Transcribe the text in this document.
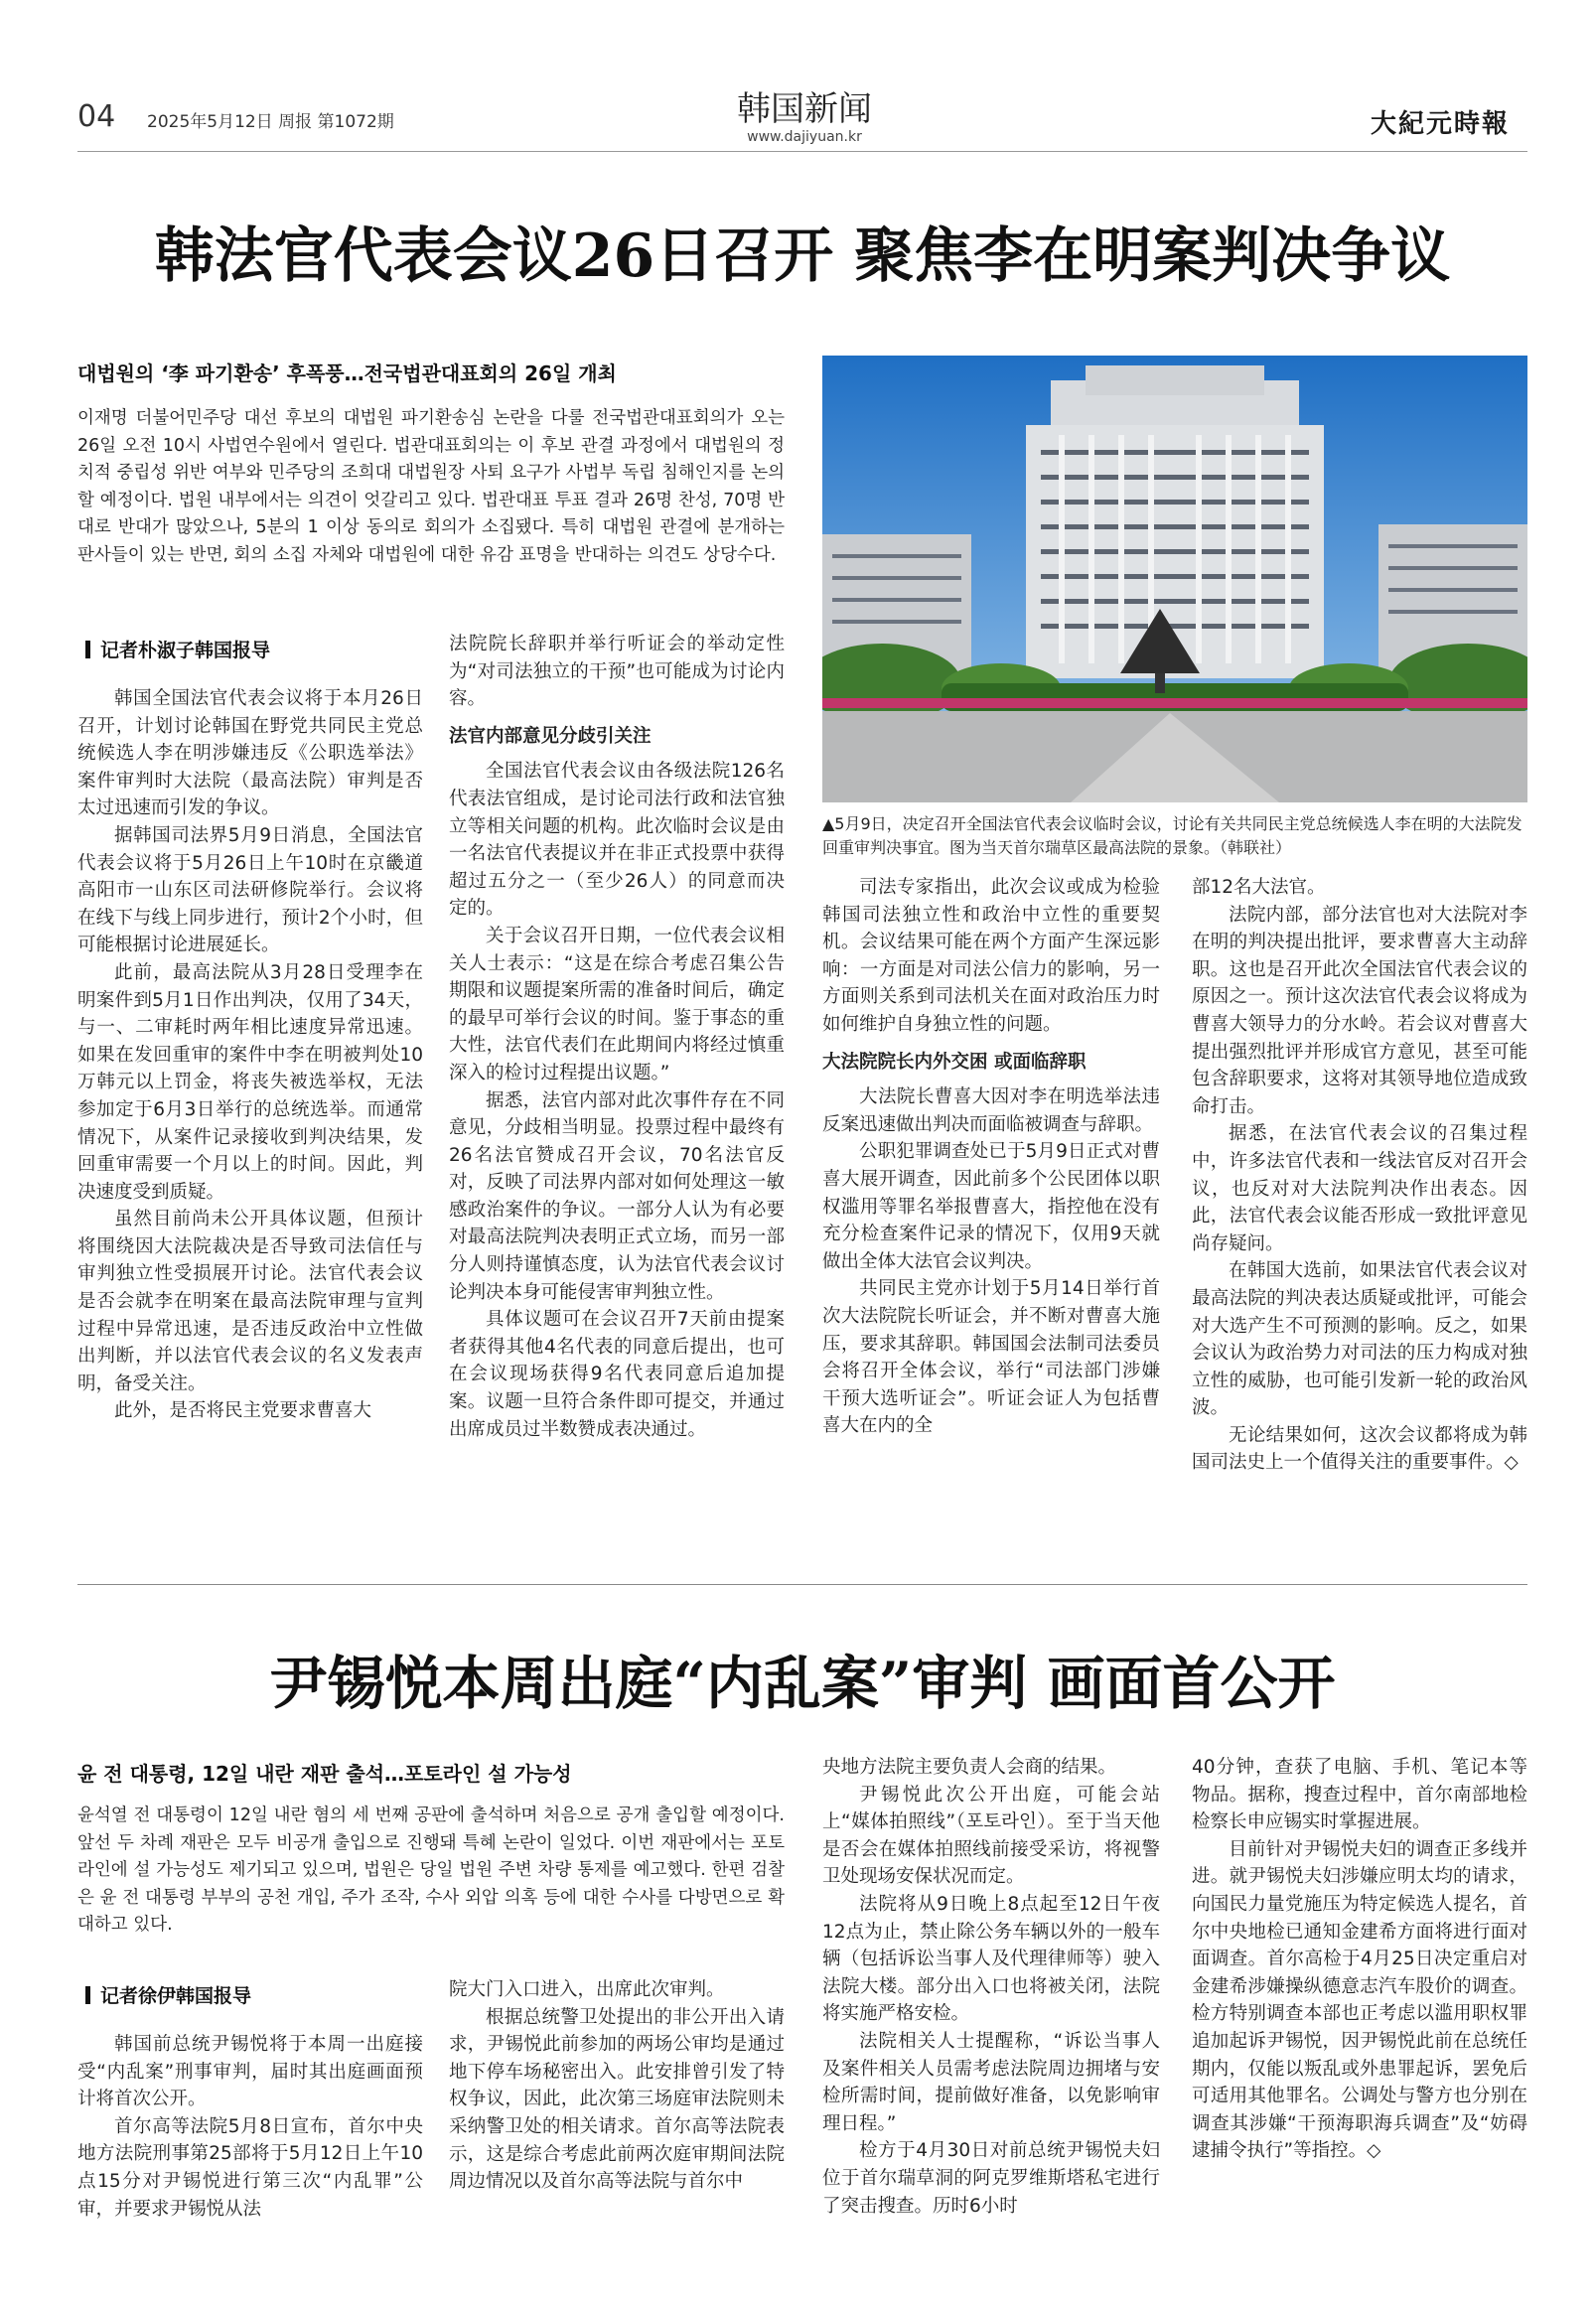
04 2025年5月12日 周报 第1072期	韩国新闻
www.dajiyuan.kr	大紀元時報
韩法官代表会议26日召开 聚焦李在明案判决争议
대법원의 ‘李 파기환송’ 후폭풍…전국법관대표회의 26일 개최
이재명 더불어민주당 대선 후보의 대법원 파기환송심 논란을 다룰 전국법관대표회의가 오는 26일 오전 10시 사법연수원에서 열린다. 법관대표회의는 이 후보 관결 과정에서 대법원의 정치적 중립성 위반 여부와 민주당의 조희대 대법원장 사퇴 요구가 사법부 독립 침해인지를 논의할 예정이다. 법원 내부에서는 의견이 엇갈리고 있다. 법관대표 투표 결과 26명 찬성, 70명 반대로 반대가 많았으나, 5분의 1 이상 동의로 회의가 소집됐다. 특히 대법원 관결에 분개하는 판사들이 있는 반면, 회의 소집 자체와 대법원에 대한 유감 표명을 반대하는 의견도 상당수다.
记者朴淑子韩国报导

韩国全国法官代表会议将于本月26日召开，计划讨论韩国在野党共同民主党总统候选人李在明涉嫌违反《公职选举法》案件审判时大法院（最高法院）审判是否太过迅速而引发的争议。

据韩国司法界5月9日消息，全国法官代表会议将于5月26日上午10时在京畿道高阳市一山东区司法研修院举行。会议将在线下与线上同步进行，预计2个小时，但可能根据讨论进展延长。

此前，最高法院从3月28日受理李在明案件到5月1日作出判决，仅用了34天，与一、二审耗时两年相比速度异常迅速。如果在发回重审的案件中李在明被判处10万韩元以上罚金，将丧失被选举权，无法参加定于6月3日举行的总统选举。而通常情况下，从案件记录接收到判决结果，发回重审需要一个月以上的时间。因此，判决速度受到质疑。

虽然目前尚未公开具体议题，但预计将围绕因大法院裁决是否导致司法信任与审判独立性受损展开讨论。法官代表会议是否会就李在明案在最高法院审理与宣判过程中异常迅速，是否违反政治中立性做出判断，并以法官代表会议的名义发表声明，备受关注。

此外，是否将民主党要求曹喜大

法院院长辞职并举行听证会的举动定性为“对司法独立的干预”也可能成为讨论内容。

法官内部意见分歧引关注

全国法官代表会议由各级法院126名代表法官组成，是讨论司法行政和法官独立等相关问题的机构。此次临时会议是由一名法官代表提议并在非正式投票中获得超过五分之一（至少26人）的同意而决定的。

关于会议召开日期，一位代表会议相关人士表示：“这是在综合考虑召集公告期限和议题提案所需的准备时间后，确定的最早可举行会议的时间。鉴于事态的重大性，法官代表们在此期间内将经过慎重深入的检讨过程提出议题。”

据悉，法官内部对此次事件存在不同意见，分歧相当明显。投票过程中最终有26名法官赞成召开会议，70名法官反对，反映了司法界内部对如何处理这一敏感政治案件的争议。一部分人认为有必要对最高法院判决表明正式立场，而另一部分人则持谨慎态度，认为法官代表会议讨论判决本身可能侵害审判独立性。

具体议题可在会议召开7天前由提案者获得其他4名代表的同意后提出，也可在会议现场获得9名代表同意后追加提案。议题一旦符合条件即可提交，并通过出席成员过半数赞成表决通过。

▲5月9日，决定召开全国法官代表会议临时会议，讨论有关共同民主党总统候选人李在明的大法院发回重审判决事宜。图为当天首尔瑞草区最高法院的景象。（韩联社）

司法专家指出，此次会议或成为检验韩国司法独立性和政治中立性的重要契机。会议结果可能在两个方面产生深远影响：一方面是对司法公信力的影响，另一方面则关系到司法机关在面对政治压力时如何维护自身独立性的问题。

大法院院长内外交困 或面临辞职

大法院长曹喜大因对李在明选举法违反案迅速做出判决而面临被调查与辞职。

公职犯罪调查处已于5月9日正式对曹喜大展开调查，因此前多个公民团体以职权滥用等罪名举报曹喜大，指控他在没有充分检查案件记录的情况下，仅用9天就做出全体大法官会议判决。

共同民主党亦计划于5月14日举行首次大法院院长听证会，并不断对曹喜大施压，要求其辞职。韩国国会法制司法委员会将召开全体会议，举行“司法部门涉嫌干预大选听证会”。听证会证人为包括曹喜大在内的全

部12名大法官。

法院内部，部分法官也对大法院对李在明的判决提出批评，要求曹喜大主动辞职。这也是召开此次全国法官代表会议的原因之一。预计这次法官代表会议将成为曹喜大领导力的分水岭。若会议对曹喜大提出强烈批评并形成官方意见，甚至可能包含辞职要求，这将对其领导地位造成致命打击。

据悉，在法官代表会议的召集过程中，许多法官代表和一线法官反对召开会议，也反对对大法院判决作出表态。因此，法官代表会议能否形成一致批评意见尚存疑问。

在韩国大选前，如果法官代表会议对最高法院的判决表达质疑或批评，可能会对大选产生不可预测的影响。反之，如果会议认为政治势力对司法的压力构成对独立性的威胁，也可能引发新一轮的政治风波。

无论结果如何，这次会议都将成为韩国司法史上一个值得关注的重要事件。◇

尹锡悦本周出庭“内乱案”审判 画面首公开
윤 전 대통령, 12일 내란 재판 출석…포토라인 설 가능성
윤석열 전 대통령이 12일 내란 혐의 세 번째 공판에 출석하며 처음으로 공개 출입할 예정이다. 앞선 두 차례 재판은 모두 비공개 출입으로 진행돼 특혜 논란이 일었다. 이번 재판에서는 포토라인에 설 가능성도 제기되고 있으며, 법원은 당일 법원 주변 차량 통제를 예고했다. 한편 검찰은 윤 전 대통령 부부의 공천 개입, 주가 조작, 수사 외압 의혹 등에 대한 수사를 다방면으로 확대하고 있다.
记者徐伊韩国报导

韩国前总统尹锡悦将于本周一出庭接受“内乱案”刑事审判，届时其出庭画面预计将首次公开。

首尔高等法院5月8日宣布，首尔中央地方法院刑事第25部将于5月12日上午10点15分对尹锡悦进行第三次“内乱罪”公审，并要求尹锡悦从法

院大门入口进入，出席此次审判。

根据总统警卫处提出的非公开出入请求，尹锡悦此前参加的两场公审均是通过地下停车场秘密出入。此安排曾引发了特权争议，因此，此次第三场庭审法院则未采纳警卫处的相关请求。首尔高等法院表示，这是综合考虑此前两次庭审期间法院周边情况以及首尔高等法院与首尔中

央地方法院主要负责人会商的结果。

尹锡悦此次公开出庭，可能会站上“媒体拍照线”（포토라인）。至于当天他是否会在媒体拍照线前接受采访，将视警卫处现场安保状况而定。

法院将从9日晚上8点起至12日午夜12点为止，禁止除公务车辆以外的一般车辆（包括诉讼当事人及代理律师等）驶入法院大楼。部分出入口也将被关闭，法院将实施严格安检。

法院相关人士提醒称，“诉讼当事人及案件相关人员需考虑法院周边拥堵与安检所需时间，提前做好准备，以免影响审理日程。”

检方于4月30日对前总统尹锡悦夫妇位于首尔瑞草洞的阿克罗维斯塔私宅进行了突击搜查。历时6小时

40分钟，查获了电脑、手机、笔记本等物品。据称，搜查过程中，首尔南部地检检察长申应锡实时掌握进展。

目前针对尹锡悦夫妇的调查正多线并进。就尹锡悦夫妇涉嫌应明太均的请求，向国民力量党施压为特定候选人提名，首尔中央地检已通知金建希方面将进行面对面调查。首尔高检于4月25日决定重启对金建希涉嫌操纵德意志汽车股价的调查。检方特别调查本部也正考虑以滥用职权罪追加起诉尹锡悦，因尹锡悦此前在总统任期内，仅能以叛乱或外患罪起诉，罢免后可适用其他罪名。公调处与警方也分别在调查其涉嫌“干预海职海兵调查”及“妨碍逮捕令执行”等指控。◇
